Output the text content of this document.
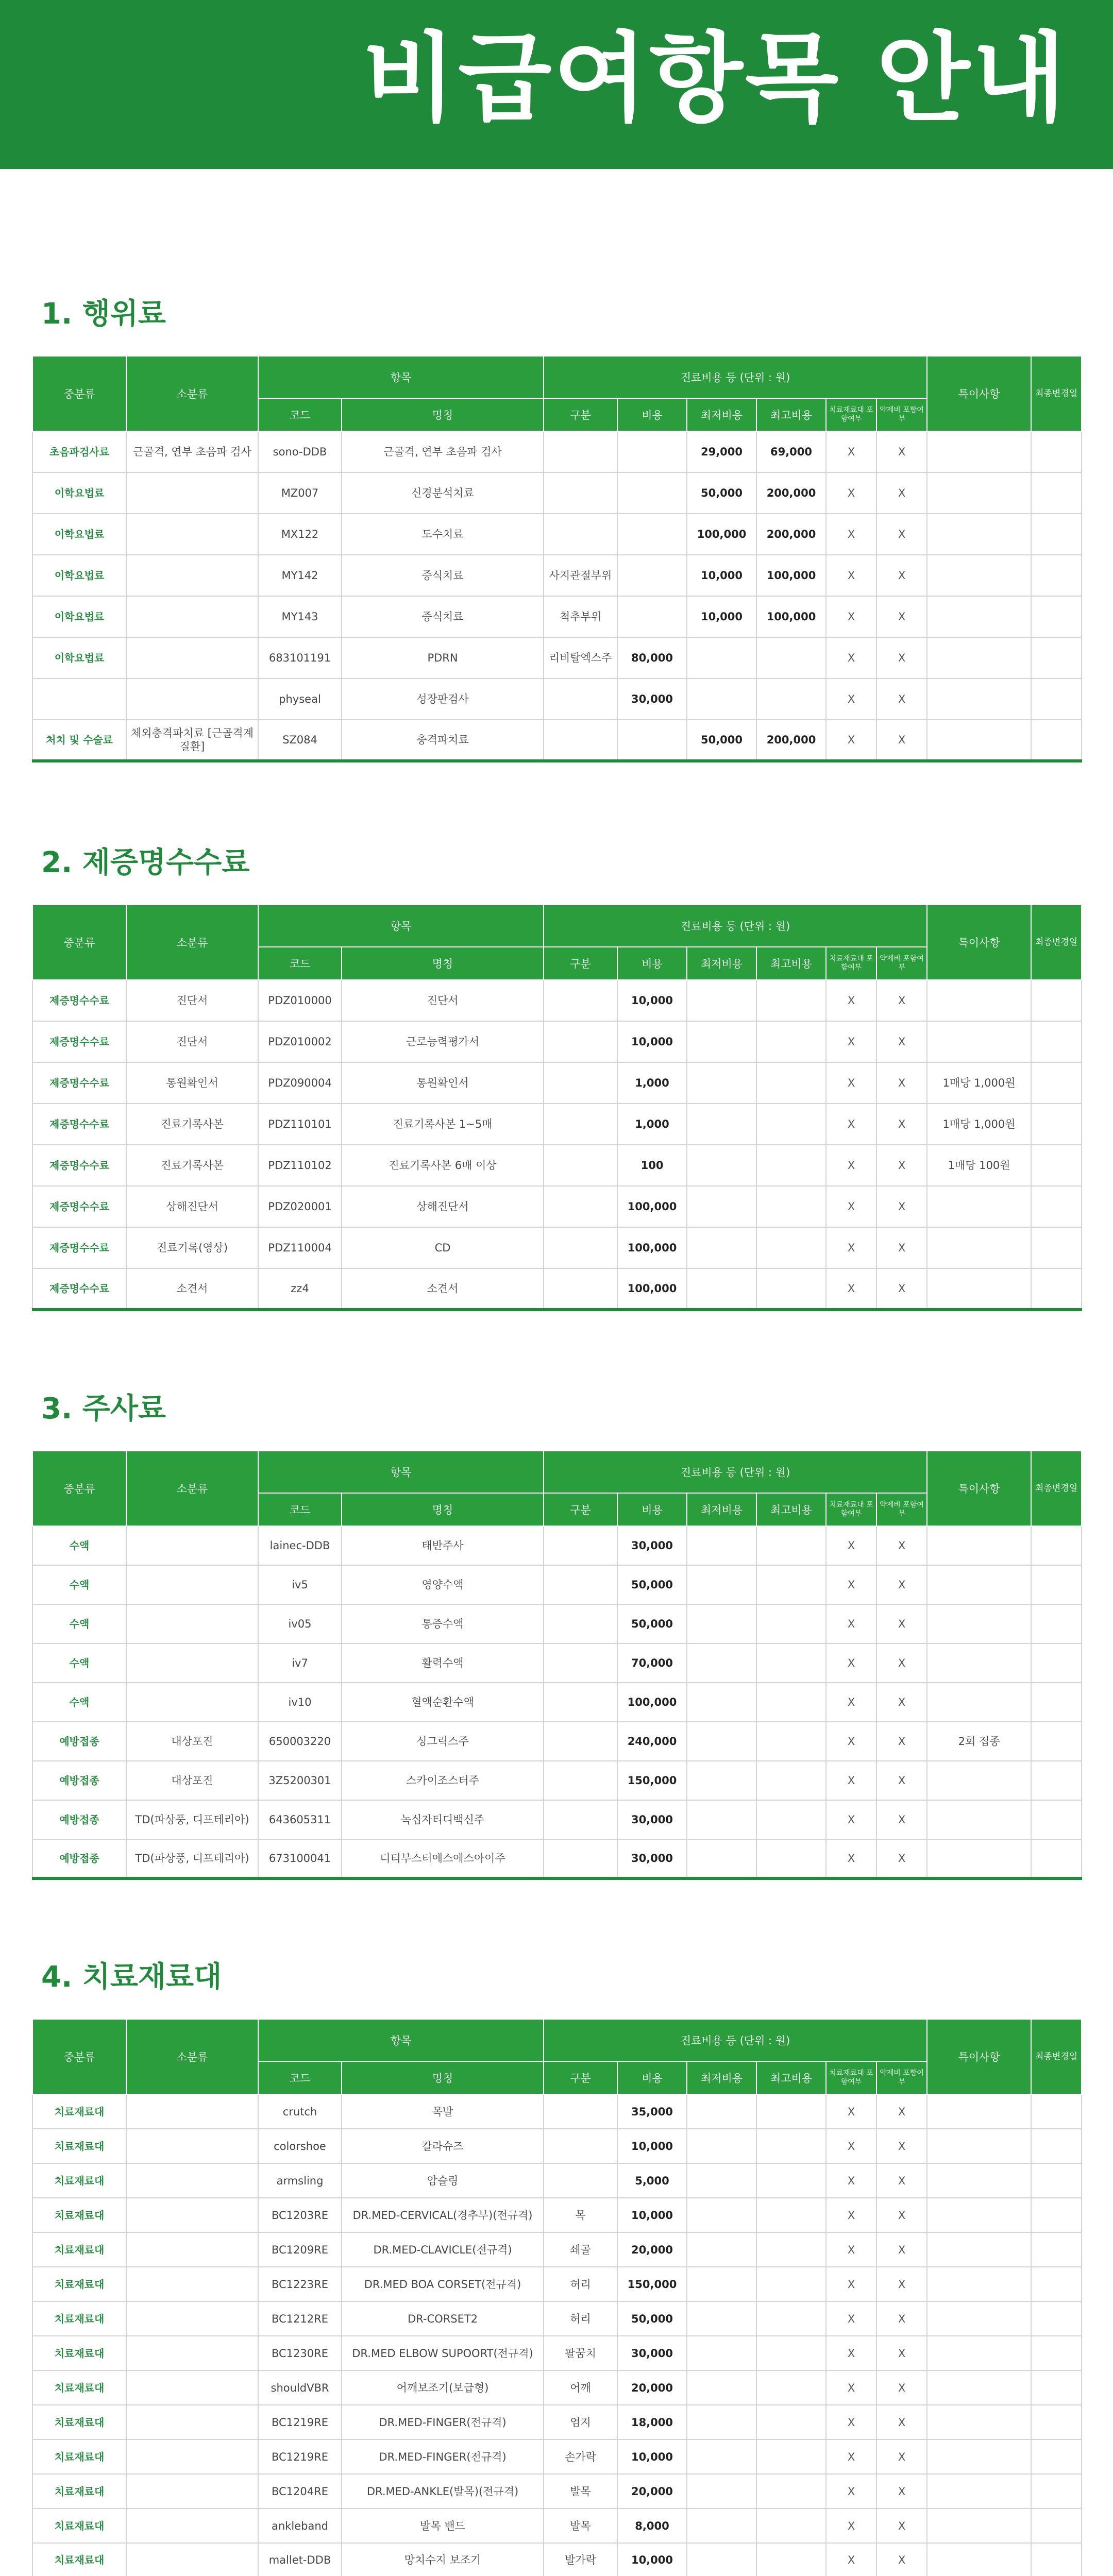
비급여항목 안내
1. 행위료
중분류	소분류	항목		진료비용 등 (단위 : 원)						특이사항	최종변경일
		코드	명칭	구분	비용	최저비용	최고비용	치료재료대 포함여부	약제비 포함여부		
초음파검사료	근골격, 연부 초음파 검사	sono-DDB	근골격, 연부 초음파 검사			29,000	69,000	X	X		
이학요법료		MZ007	신경분석치료			50,000	200,000	X	X		
이학요법료		MX122	도수치료			100,000	200,000	X	X		
이학요법료		MY142	증식치료	사지관절부위		10,000	100,000	X	X		
이학요법료		MY143	증식치료	척추부위		10,000	100,000	X	X		
이학요법료		683101191	PDRN	리비탈엑스주	80,000			X	X		
		physeal	성장판검사		30,000			X	X		
처치 및 수술료	체외충격파치료 [근골격계질환]	SZ084	충격파치료			50,000	200,000	X	X		
2. 제증명수수료
중분류	소분류	항목		진료비용 등 (단위 : 원)						특이사항	최종변경일
		코드	명칭	구분	비용	최저비용	최고비용	치료재료대 포함여부	약제비 포함여부		
제증명수수료	진단서	PDZ010000	진단서		10,000			X	X		
제증명수수료	진단서	PDZ010002	근로능력평가서		10,000			X	X		
제증명수수료	통원확인서	PDZ090004	통원확인서		1,000			X	X	1매당 1,000원	
제증명수수료	진료기록사본	PDZ110101	진료기록사본 1~5매		1,000			X	X	1매당 1,000원	
제증명수수료	진료기록사본	PDZ110102	진료기록사본 6매 이상		100			X	X	1매당 100원	
제증명수수료	상해진단서	PDZ020001	상해진단서		100,000			X	X		
제증명수수료	진료기록(영상)	PDZ110004	CD		100,000			X	X		
제증명수수료	소견서	zz4	소견서		100,000			X	X		
3. 주사료
중분류	소분류	항목		진료비용 등 (단위 : 원)						특이사항	최종변경일
		코드	명칭	구분	비용	최저비용	최고비용	치료재료대 포함여부	약제비 포함여부		
수액		lainec-DDB	태반주사		30,000			X	X		
수액		iv5	영양수액		50,000			X	X		
수액		iv05	통증수액		50,000			X	X		
수액		iv7	활력수액		70,000			X	X		
수액		iv10	혈액순환수액		100,000			X	X		
예방접종	대상포진	650003220	싱그릭스주		240,000			X	X	2회 접종	
예방접종	대상포진	3Z5200301	스카이조스터주		150,000			X	X		
예방접종	TD(파상풍, 디프테리아)	643605311	녹십자티디백신주		30,000			X	X		
예방접종	TD(파상풍, 디프테리아)	673100041	디티부스터에스에스아이주		30,000			X	X		
4. 치료재료대
중분류	소분류	항목		진료비용 등 (단위 : 원)						특이사항	최종변경일
		코드	명칭	구분	비용	최저비용	최고비용	치료재료대 포함여부	약제비 포함여부		
치료재료대		crutch	목발		35,000			X	X		
치료재료대		colorshoe	칼라슈즈		10,000			X	X		
치료재료대		armsling	암슬링		5,000			X	X		
치료재료대		BC1203RE	DR.MED-CERVICAL(경추부)(전규격)	목	10,000			X	X		
치료재료대		BC1209RE	DR.MED-CLAVICLE(전규격)	쇄골	20,000			X	X		
치료재료대		BC1223RE	DR.MED BOA CORSET(전규격)	허리	150,000			X	X		
치료재료대		BC1212RE	DR-CORSET2	허리	50,000			X	X		
치료재료대		BC1230RE	DR.MED ELBOW SUPOORT(전규격)	팔꿈치	30,000			X	X		
치료재료대		shouldVBR	어깨보조기(보급형)	어깨	20,000			X	X		
치료재료대		BC1219RE	DR.MED-FINGER(전규격)	엄지	18,000			X	X		
치료재료대		BC1219RE	DR.MED-FINGER(전규격)	손가락	10,000			X	X		
치료재료대		BC1204RE	DR.MED-ANKLE(발목)(전규격)	발목	20,000			X	X		
치료재료대		ankleband	발목 밴드	발목	8,000			X	X		
치료재료대		mallet-DDB	망치수지 보조기	발가락	10,000			X	X		
